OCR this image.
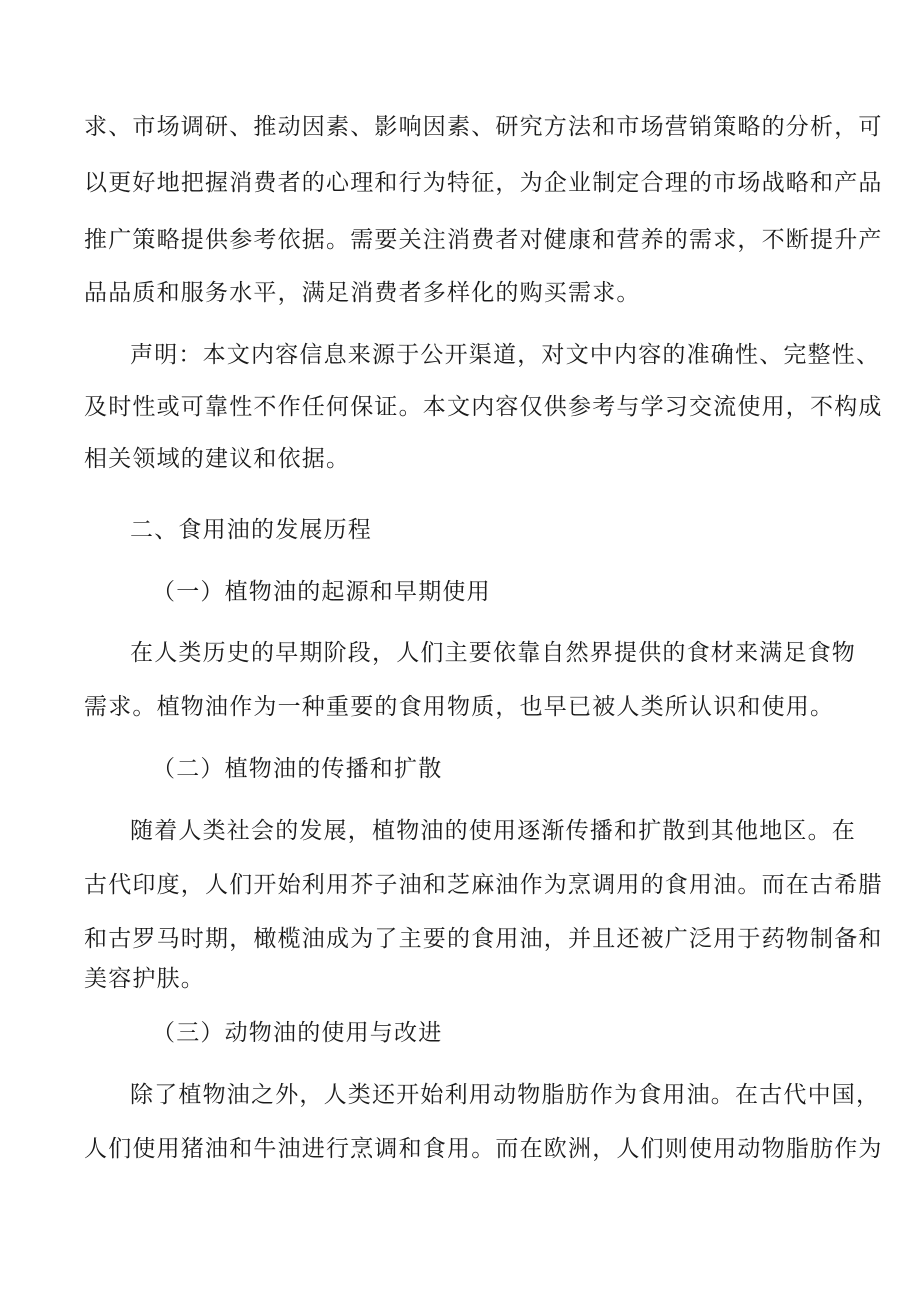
求、市场调研、推动因素、影响因素、研究方法和市场营销策略的分析，可
以更好地把握消费者的心理和行为特征，为企业制定合理的市场战略和产品
推广策略提供参考依据。需要关注消费者对健康和营养的需求，不断提升产
品品质和服务水平，满足消费者多样化的购买需求。
声明：本文内容信息来源于公开渠道，对文中内容的准确性、完整性、
及时性或可靠性不作任何保证。本文内容仅供参考与学习交流使用，不构成
相关领域的建议和依据。
二、食用油的发展历程
（一）植物油的起源和早期使用
在人类历史的早期阶段，人们主要依靠自然界提供的食材来满足食物
需求。植物油作为一种重要的食用物质，也早已被人类所认识和使用。
（二）植物油的传播和扩散
随着人类社会的发展，植物油的使用逐渐传播和扩散到其他地区。在
古代印度，人们开始利用芥子油和芝麻油作为烹调用的食用油。而在古希腊
和古罗马时期，橄榄油成为了主要的食用油，并且还被广泛用于药物制备和
美容护肤。
（三）动物油的使用与改进
除了植物油之外，人类还开始利用动物脂肪作为食用油。在古代中国，
人们使用猪油和牛油进行烹调和食用。而在欧洲，人们则使用动物脂肪作为
